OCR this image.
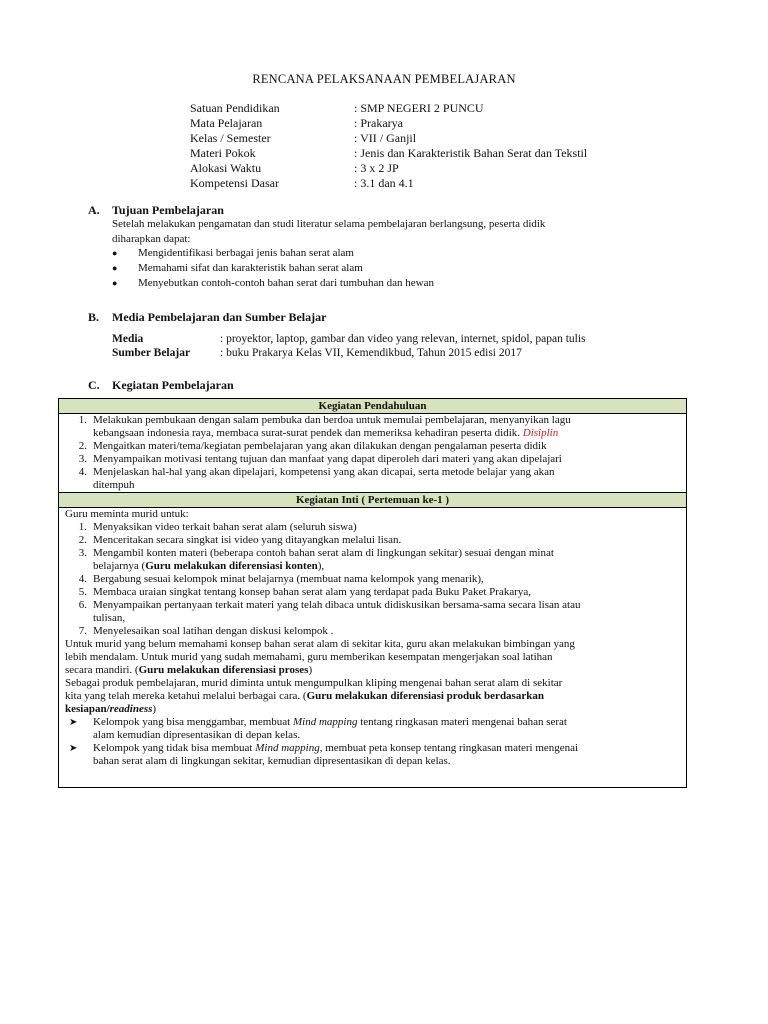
RENCANA PELAKSANAAN PEMBELAJARAN
Satuan Pendidikan	: SMP NEGERI 2 PUNCU
Mata Pelajaran	: Prakarya
Kelas / Semester	: VII / Ganjil
Materi Pokok	: Jenis dan Karakteristik Bahan Serat dan Tekstil
Alokasi Waktu	: 3 x 2 JP
Kompetensi Dasar	: 3.1 dan 4.1
A. Tujuan Pembelajaran
Setelah melakukan pengamatan dan studi literatur selama pembelajaran berlangsung, peserta didik
diharapkan dapat:
●	Mengidentifikasi berbagai jenis bahan serat alam
●	Memahami sifat dan karakteristik bahan serat alam
●	Menyebutkan contoh-contoh bahan serat dari tumbuhan dan hewan
B. Media Pembelajaran dan Sumber Belajar
Media	: proyektor, laptop, gambar dan video yang relevan, internet, spidol, papan tulis
Sumber Belajar	: buku Prakarya Kelas VII, Kemendikbud, Tahun 2015 edisi 2017
C. Kegiatan Pembelajaran
Kegiatan Pendahuluan
1. Melakukan pembukaan dengan salam pembuka dan berdoa untuk memulai pembelajaran, menyanyikan lagu
kebangsaan indonesia raya, membaca surat-surat pendek dan memeriksa kehadiran peserta didik. Disiplin
2. Mengaitkan materi/tema/kegiatan pembelajaran yang akan dilakukan dengan pengalaman peserta didik
3. Menyampaikan motivasi tentang tujuan dan manfaat yang dapat diperoleh dari materi yang akan dipelajari
4. Menjelaskan hal-hal yang akan dipelajari, kompetensi yang akan dicapai, serta metode belajar yang akan
ditempuh
Kegiatan Inti ( Pertemuan ke-1 )
Guru meminta murid untuk:
1. Menyaksikan video terkait bahan serat alam (seluruh siswa)
2. Menceritakan secara singkat isi video yang ditayangkan melalui lisan.
3. Mengambil konten materi (beberapa contoh bahan serat alam di lingkungan sekitar) sesuai dengan minat
belajarnya (Guru melakukan diferensiasi konten),
4. Bergabung sesuai kelompok minat belajarnya (membuat nama kelompok yang menarik),
5. Membaca uraian singkat tentang konsep bahan serat alam yang terdapat pada Buku Paket Prakarya,
6. Menyampaikan pertanyaan terkait materi yang telah dibaca untuk didiskusikan bersama-sama secara lisan atau
tulisan,
7. Menyelesaikan soal latihan dengan diskusi kelompok .
Untuk murid yang belum memahami konsep bahan serat alam di sekitar kita, guru akan melakukan bimbingan yang
lebih mendalam. Untuk murid yang sudah memahami, guru memberikan kesempatan mengerjakan soal latihan
secara mandiri. (Guru melakukan diferensiasi proses)
Sebagai produk pembelajaran, murid diminta untuk mengumpulkan kliping mengenai bahan serat alam di sekitar
kita yang telah mereka ketahui melalui berbagai cara. (Guru melakukan diferensiasi produk berdasarkan
kesiapan/readiness)
➤	Kelompok yang bisa menggambar, membuat Mind mapping tentang ringkasan materi mengenai bahan serat
alam kemudian dipresentasikan di depan kelas.
➤	Kelompok yang tidak bisa membuat Mind mapping, membuat peta konsep tentang ringkasan materi mengenai
bahan serat alam di lingkungan sekitar, kemudian dipresentasikan di depan kelas.
